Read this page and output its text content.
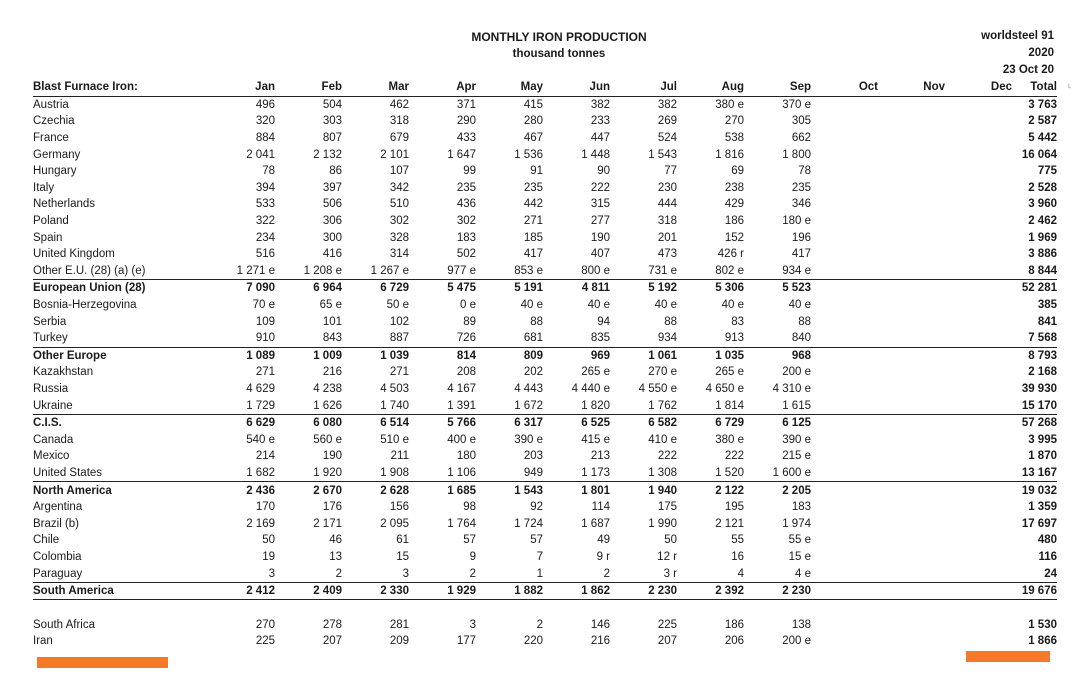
MONTHLY IRON PRODUCTION
thousand tonnes
worldsteel 91
2020
23 Oct 20
Blast Furnace Iron:	Jan	Feb	Mar	Apr	May	Jun	Jul	Aug	Sep	Oct	Nov	Dec	Total
Austria	496	504	462	371	415	382	382	380 e	370 e				3 763
Czechia	320	303	318	290	280	233	269	270	305				2 587
France	884	807	679	433	467	447	524	538	662				5 442
Germany	2 041	2 132	2 101	1 647	1 536	1 448	1 543	1 816	1 800				16 064
Hungary	78	86	107	99	91	90	77	69	78				775
Italy	394	397	342	235	235	222	230	238	235				2 528
Netherlands	533	506	510	436	442	315	444	429	346				3 960
Poland	322	306	302	302	271	277	318	186	180 e				2 462
Spain	234	300	328	183	185	190	201	152	196				1 969
United Kingdom	516	416	314	502	417	407	473	426 r	417				3 886
Other E.U. (28) (a) (e)	1 271 e	1 208 e	1 267 e	977 e	853 e	800 e	731 e	802 e	934 e				8 844
European Union (28)	7 090	6 964	6 729	5 475	5 191	4 811	5 192	5 306	5 523				52 281
Bosnia-Herzegovina	70 e	65 e	50 e	0 e	40 e	40 e	40 e	40 e	40 e				385
Serbia	109	101	102	89	88	94	88	83	88				841
Turkey	910	843	887	726	681	835	934	913	840				7 568
Other Europe	1 089	1 009	1 039	814	809	969	1 061	1 035	968				8 793
Kazakhstan	271	216	271	208	202	265 e	270 e	265 e	200 e				2 168
Russia	4 629	4 238	4 503	4 167	4 443	4 440 e	4 550 e	4 650 e	4 310 e				39 930
Ukraine	1 729	1 626	1 740	1 391	1 672	1 820	1 762	1 814	1 615				15 170
C.I.S.	6 629	6 080	6 514	5 766	6 317	6 525	6 582	6 729	6 125				57 268
Canada	540 e	560 e	510 e	400 e	390 e	415 e	410 e	380 e	390 e				3 995
Mexico	214	190	211	180	203	213	222	222	215 e				1 870
United States	1 682	1 920	1 908	1 106	949	1 173	1 308	1 520	1 600 e				13 167
North America	2 436	2 670	2 628	1 685	1 543	1 801	1 940	2 122	2 205				19 032
Argentina	170	176	156	98	92	114	175	195	183				1 359
Brazil (b)	2 169	2 171	2 095	1 764	1 724	1 687	1 990	2 121	1 974				17 697
Chile	50	46	61	57	57	49	50	55	55 e				480
Colombia	19	13	15	9	7	9 r	12 r	16	15 e				116
Paraguay	3	2	3	2	1	2	3 r	4	4 e				24
South America	2 412	2 409	2 330	1 929	1 882	1 862	2 230	2 392	2 230				19 676

South Africa	270	278	281	3	2	146	225	186	138				1 530
Iran	225	207	209	177	220	216	207	206	200 e				1 866
˪
